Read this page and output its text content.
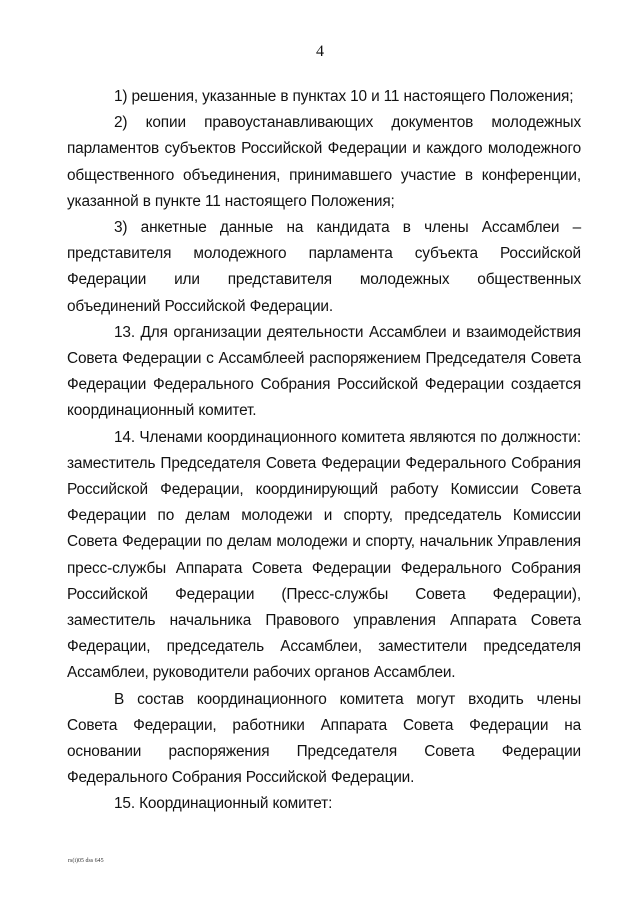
4

1) решения, указанные в пунктах 10 и 11 настоящего Положения;

2) копии правоустанавливающих документов молодежных парламентов субъектов Российской Федерации и каждого молодежного общественного объединения, принимавшего участие в конференции, указанной в пункте 11 настоящего Положения;

3) анкетные данные на кандидата в члены Ассамблеи – представителя молодежного парламента субъекта Российской Федерации или представителя молодежных общественных объединений Российской Федерации.

13. Для организации деятельности Ассамблеи и взаимодействия Совета Федерации с Ассамблеей распоряжением Председателя Совета Федерации Федерального Собрания Российской Федерации создается координационный комитет.

14. Членами координационного комитета являются по должности: заместитель Председателя Совета Федерации Федерального Собрания Российской Федерации, координирующий работу Комиссии Совета Федерации по делам молодежи и спорту, председатель Комиссии Совета Федерации по делам молодежи и спорту, начальник Управления пресс-службы Аппарата Совета Федерации Федерального Собрания Российской Федерации (Пресс-службы Совета Федерации), заместитель начальника Правового управления Аппарата Совета Федерации, председатель Ассамблеи, заместители председателя Ассамблеи, руководители рабочих органов Ассамблеи.

В состав координационного комитета могут входить члены Совета Федерации, работники Аппарата Совета Федерации на основании распоряжения Председателя Совета Федерации Федерального Собрания Российской Федерации.

15. Координационный комитет:

rs(i)05 dss 645
